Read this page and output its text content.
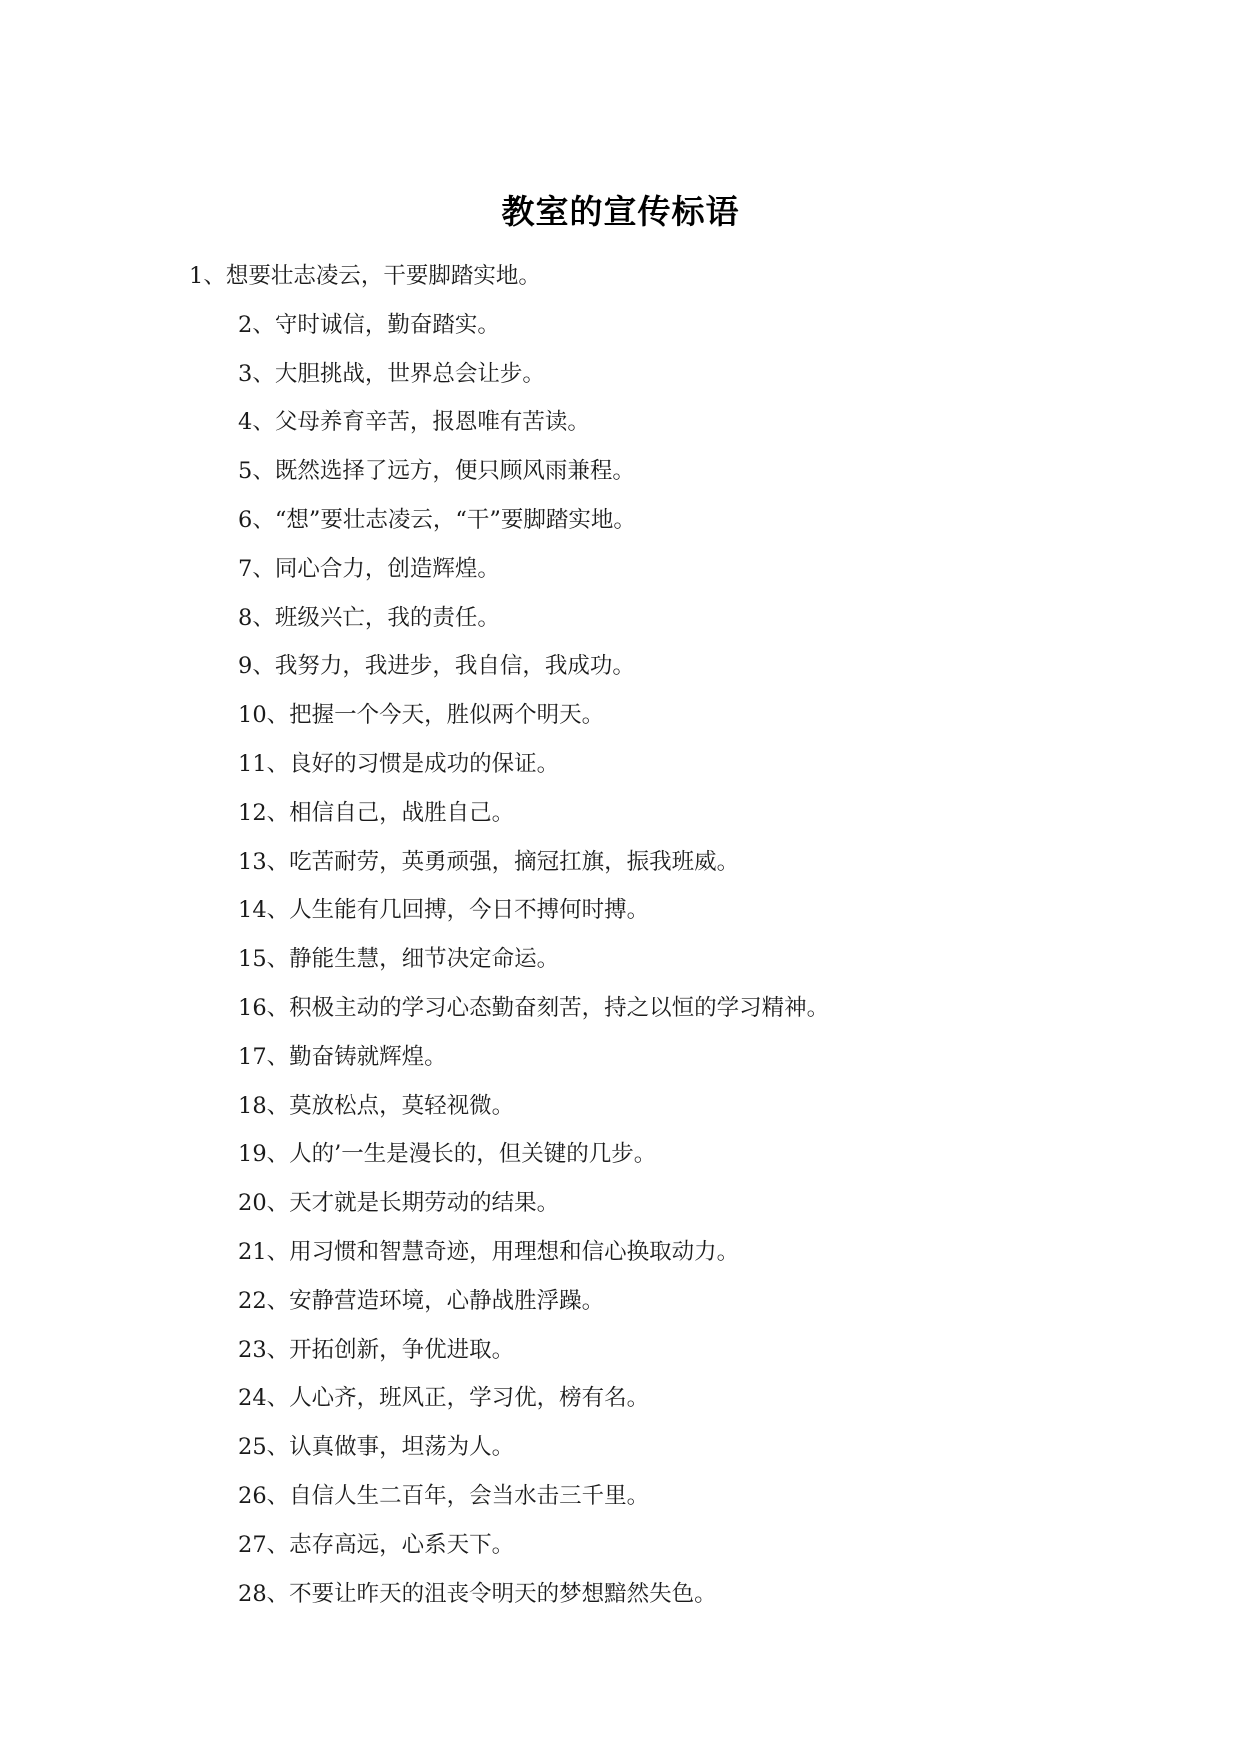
教室的宣传标语
1、想要壮志凌云，干要脚踏实地。
2、守时诚信，勤奋踏实。
3、大胆挑战，世界总会让步。
4、父母养育辛苦，报恩唯有苦读。
5、既然选择了远方，便只顾风雨兼程。
6、“想”要壮志凌云，“干”要脚踏实地。
7、同心合力，创造辉煌。
8、班级兴亡，我的责任。
9、我努力，我进步，我自信，我成功。
10、把握一个今天，胜似两个明天。
11、良好的习惯是成功的保证。
12、相信自己，战胜自己。
13、吃苦耐劳，英勇顽强，摘冠扛旗，振我班威。
14、人生能有几回搏，今日不搏何时搏。
15、静能生慧，细节决定命运。
16、积极主动的学习心态勤奋刻苦，持之以恒的学习精神。
17、勤奋铸就辉煌。
18、莫放松点，莫轻视微。
19、人的’一生是漫长的，但关键的几步。
20、天才就是长期劳动的结果。
21、用习惯和智慧奇迹，用理想和信心换取动力。
22、安静营造环境，心静战胜浮躁。
23、开拓创新，争优进取。
24、人心齐，班风正，学习优，榜有名。
25、认真做事，坦荡为人。
26、自信人生二百年，会当水击三千里。
27、志存高远，心系天下。
28、不要让昨天的沮丧令明天的梦想黯然失色。
